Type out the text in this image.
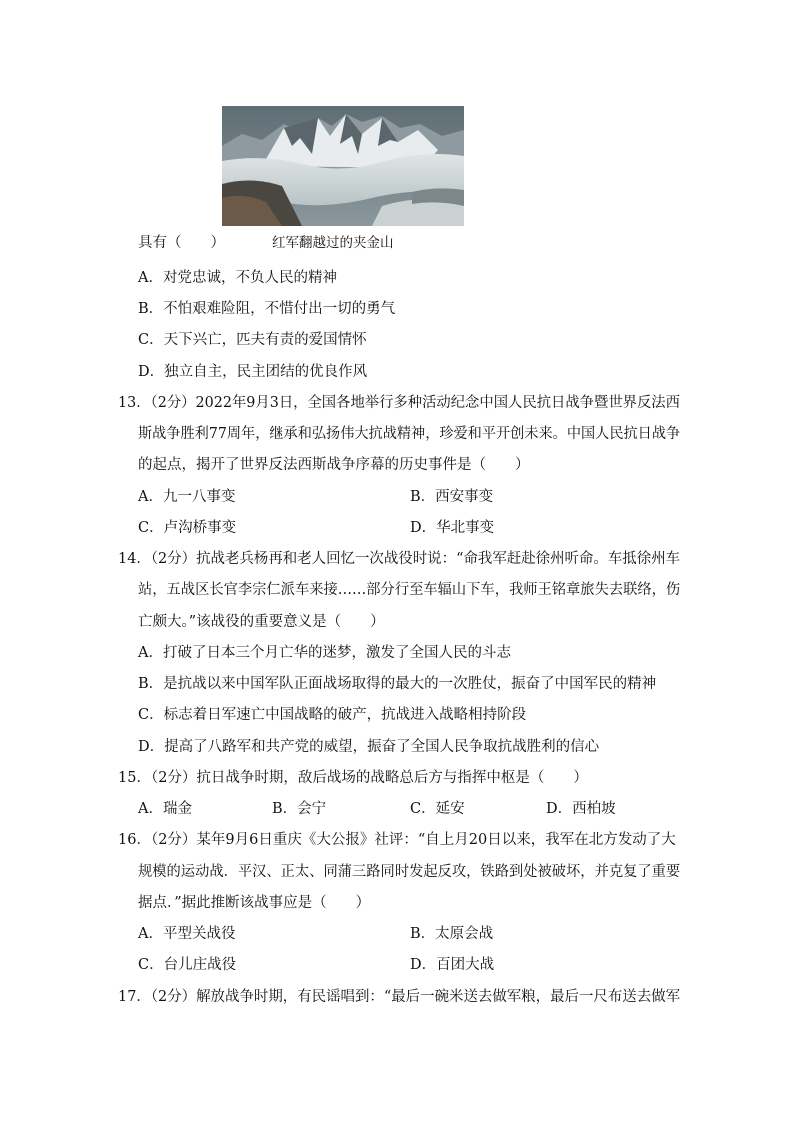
具有（　　）	红军翻越过的夹金山
A．对党忠诚，不负人民的精神
B．不怕艰难险阻，不惜付出一切的勇气
C．天下兴亡，匹夫有责的爱国情怀
D．独立自主，民主团结的优良作风
13．（2分）2022年9月3日，全国各地举行多种活动纪念中国人民抗日战争暨世界反法西
斯战争胜利77周年，继承和弘扬伟大抗战精神，珍爱和平开创未来。中国人民抗日战争
的起点，揭开了世界反法西斯战争序幕的历史事件是（　　）
A．九一八事变	B．西安事变
C．卢沟桥事变	D．华北事变
14．（2分）抗战老兵杨再和老人回忆一次战役时说：“命我军赶赴徐州听命。车抵徐州车
站，五战区长官李宗仁派车来接……部分行至车辐山下车，我师王铭章旅失去联络，伤
亡颇大。”该战役的重要意义是（　　）
A．打破了日本三个月亡华的迷梦，激发了全国人民的斗志
B．是抗战以来中国军队正面战场取得的最大的一次胜仗，振奋了中国军民的精神
C．标志着日军速亡中国战略的破产，抗战进入战略相持阶段
D．提高了八路军和共产党的威望，振奋了全国人民争取抗战胜利的信心
15．（2分）抗日战争时期，敌后战场的战略总后方与指挥中枢是（　　）
A．瑞金	B．会宁	C．延安	D．西柏坡
16．（2分）某年9月6日重庆《大公报》社评：“自上月20日以来，我军在北方发动了大
规模的运动战．平汉、正太、同蒲三路同时发起反攻，铁路到处被破坏，并克复了重要
据点．”据此推断该战事应是（　　）
A．平型关战役	B．太原会战
C．台儿庄战役	D．百团大战
17．（2分）解放战争时期，有民谣唱到：“最后一碗米送去做军粮，最后一尺布送去做军
